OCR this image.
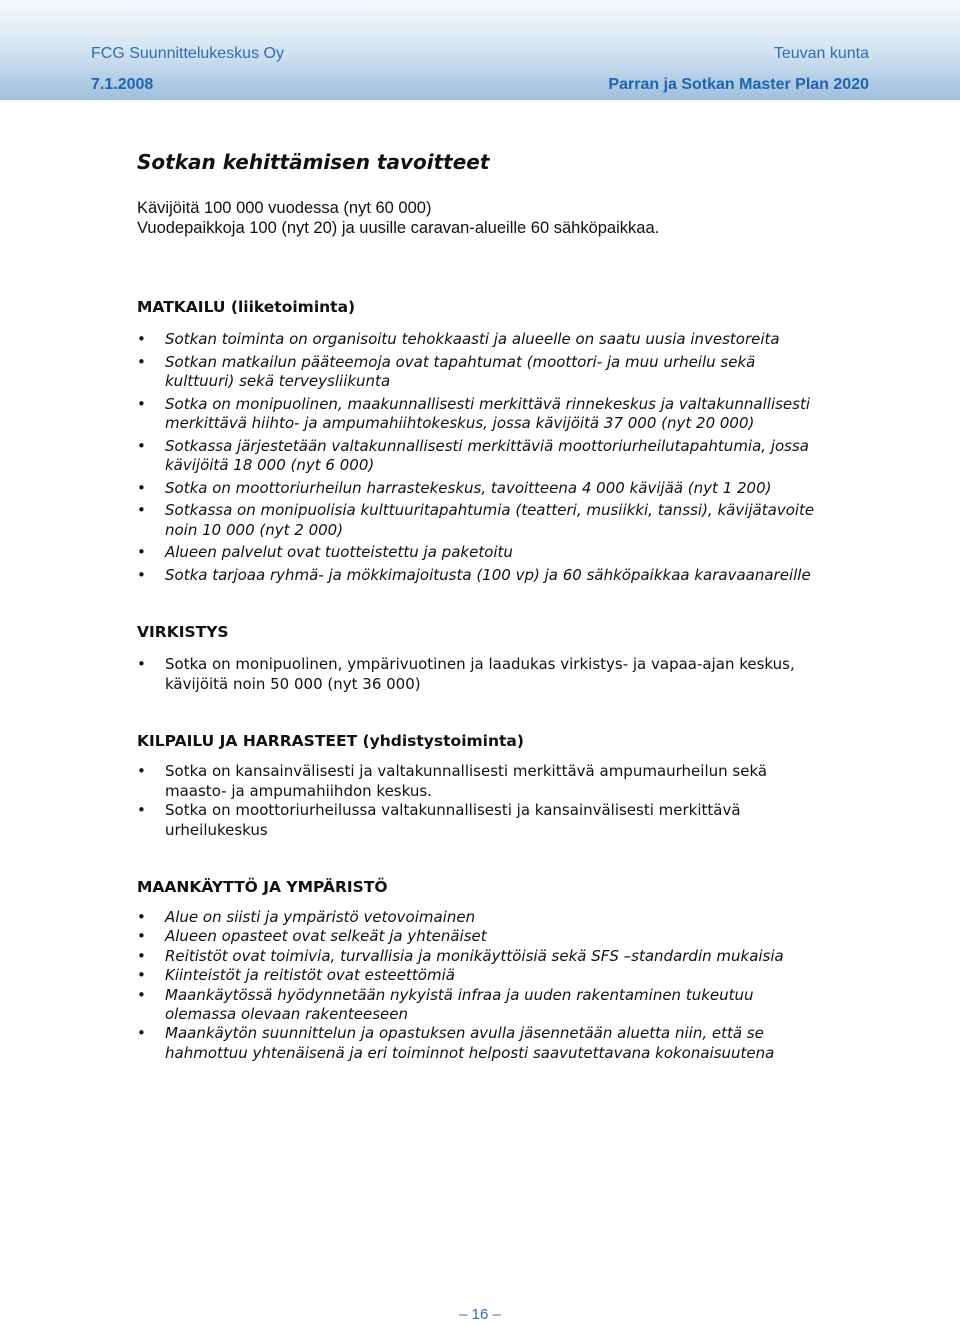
FCG Suunnittelukeskus Oy
7.1.2008
Teuvan kunta
Parran ja Sotkan Master Plan 2020
Sotkan kehittämisen tavoitteet
Kävijöitä 100 000 vuodessa (nyt 60 000)
Vuodepaikkoja 100 (nyt 20) ja uusille caravan-alueille 60 sähköpaikkaa.
MATKAILU (liiketoiminta)
• Sotkan toiminta on organisoitu tehokkaasti ja alueelle on saatu uusia investoreita
• Sotkan matkailun pääteemoja ovat tapahtumat (moottori- ja muu urheilu sekä kulttuuri) sekä terveysliikunta
• Sotka on monipuolinen, maakunnallisesti merkittävä rinnekeskus ja valtakunnallisesti merkittävä hiihto- ja ampumahiihtokeskus, jossa kävijöitä 37 000 (nyt 20 000)
• Sotkassa järjestetään valtakunnallisesti merkittäviä moottoriurheilutapahtumia, jossa kävijöitä 18 000 (nyt 6 000)
• Sotka on moottoriurheilun harrastekeskus, tavoitteena 4 000 kävijää (nyt 1 200)
• Sotkassa on monipuolisia kulttuuritapahtumia (teatteri, musiikki, tanssi), kävijätavoite noin 10 000 (nyt 2 000)
• Alueen palvelut ovat tuotteistettu ja paketoitu
• Sotka tarjoaa ryhmä- ja mökkimajoitusta (100 vp) ja 60 sähköpaikkaa karavaanareille
VIRKISTYS
• Sotka on monipuolinen, ympärivuotinen ja laadukas virkistys- ja vapaa-ajan keskus, kävijöitä noin 50 000 (nyt 36 000)
KILPAILU JA HARRASTEET (yhdistystoiminta)
• Sotka on kansainvälisesti ja valtakunnallisesti merkittävä ampumaurheilun sekä maasto- ja ampumahiihdon keskus.
• Sotka on moottoriurheilussa valtakunnallisesti ja kansainvälisesti merkittävä urheilukeskus
MAANKÄYTTÖ JA YMPÄRISTÖ
• Alue on siisti ja ympäristö vetovoimainen
• Alueen opasteet ovat selkeät ja yhtenäiset
• Reitistöt ovat toimivia, turvallisia ja monikäyttöisiä sekä SFS –standardin mukaisia
• Kiinteistöt ja reitistöt ovat esteettömiä
• Maankäytössä hyödynnetään nykyistä infraa ja uuden rakentaminen tukeutuu olemassa olevaan rakenteeseen
• Maankäytön suunnittelun ja opastuksen avulla jäsennetään aluetta niin, että se hahmottuu yhtenäisenä ja eri toiminnot helposti saavutettavana kokonaisuutena
– 16 –
